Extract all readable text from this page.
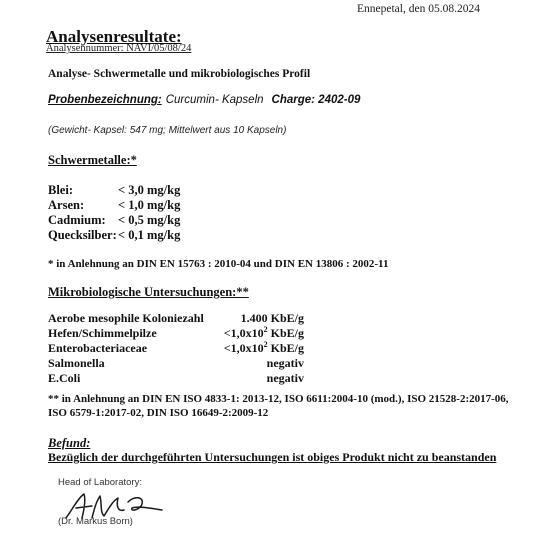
Ennepetal, den 05.08.2024
Analysenresultate:
Analysennummer: NAVI/05/08/24
Analyse- Schwermetalle und mikrobiologisches Profil
Probenbezeichnung: Curcumin- Kapseln Charge: 2402-09
(Gewicht- Kapsel: 547 mg; Mittelwert aus 10 Kapseln)
Schwermetalle:*
Blei:	< 3,0 mg/kg
Arsen:	< 1,0 mg/kg
Cadmium: < 0,5 mg/kg
Quecksilber:< 0,1 mg/kg
* in Anlehnung an DIN EN 15763 : 2010-04 und DIN EN 13806 : 2002-11
Mikrobiologische Untersuchungen:**
Aerobe mesophile Koloniezahl	1.400 KbE/g
Hefen/Schimmelpilze	$<1,0x10^2$ KbE/g
Enterobacteriaceae	$<1,0x10^2$ KbE/g
Salmonella	negativ
E.Coli	negativ
** in Anlehnung an DIN EN ISO 4833-1: 2013-12, ISO 6611:2004-10 (mod.), ISO 21528-2:2017-06, ISO 6579-1:2017-02, DIN ISO 16649-2:2009-12
Befund:
Bezüglich der durchgeführten Untersuchungen ist obiges Produkt nicht zu beanstanden
Head of Laboratory:
(Dr. Markus Born)
